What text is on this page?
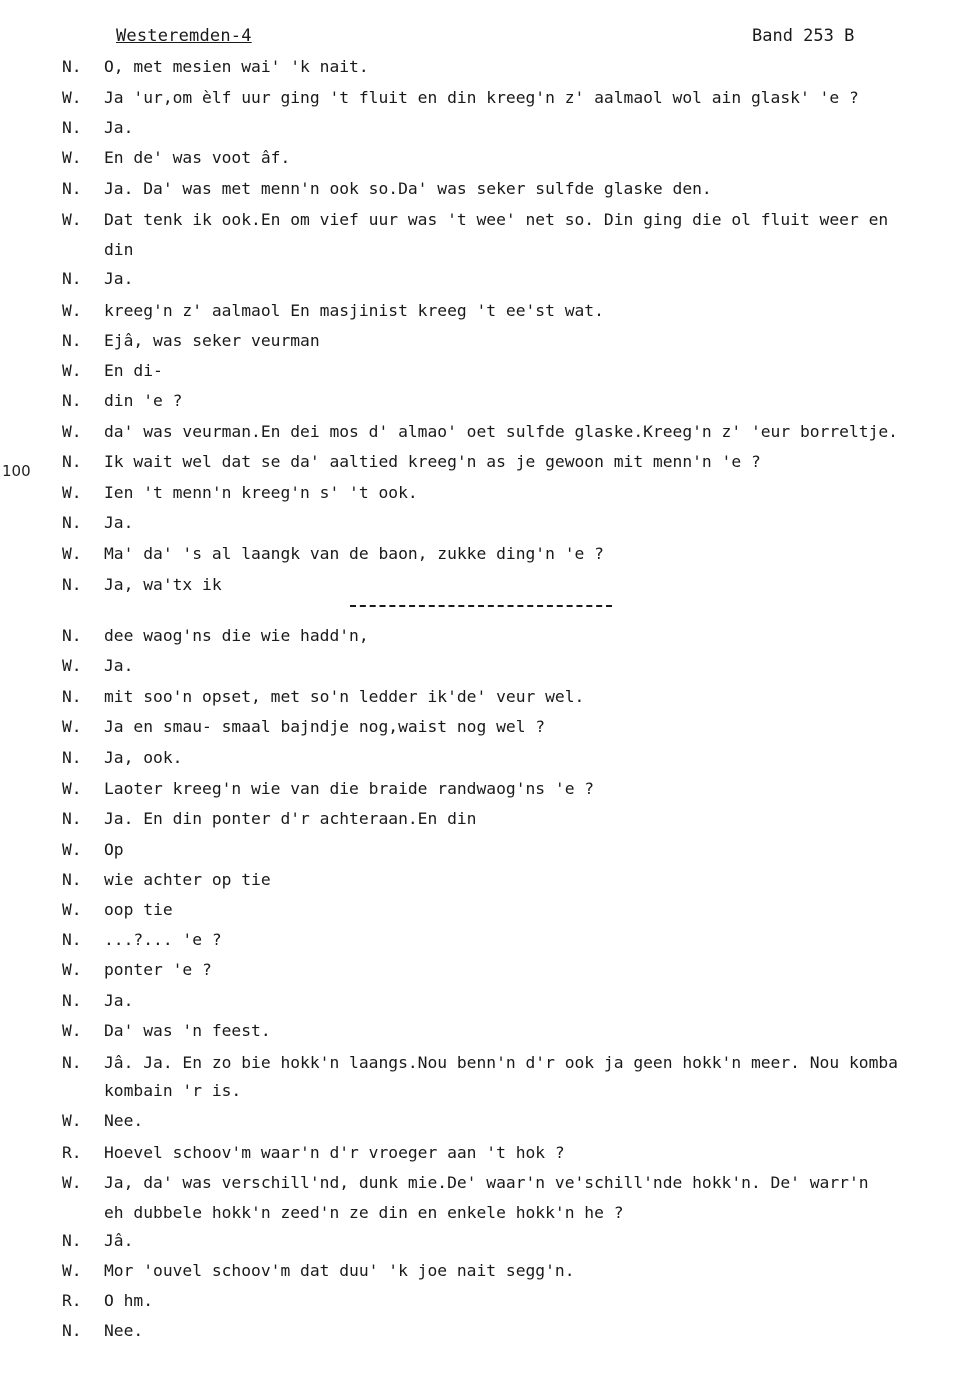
Westeremden-4	Band 253 B
100
N.	O, met mesien wai' 'k nait.
W.	Ja 'ur,om èlf uur ging 't fluit en din kreeg'n z' aalmaol wol ain glask' 'e ?
N.	Ja.
W.	En de' was voot âf.
N.	Ja. Da' was met menn'n ook so.Da' was seker sulfde glaske den.
W.	Dat tenk ik ook.En om vief uur was 't wee' net so. Din ging die ol fluit weer en
din
N.	Ja.
W.	kreeg'n z' aalmaol En masjinist kreeg 't ee'st wat.
N.	Ejâ, was seker veurman
W.	En di-
N.	din 'e ?
W.	da' was veurman.En dei mos d' almao' oet sulfde glaske.Kreeg'n z' 'eur borreltje.
N.	Ik wait wel dat se da' aaltied kreeg'n as je gewoon mit menn'n 'e ?
W.	Ien 't menn'n kreeg'n s' 't ook.
N.	Ja.
W.	Ma' da' 's al laangk van de baon, zukke ding'n 'e ?
N.	Ja, wa'tx ik
N.	dee waog'ns die wie hadd'n,
W.	Ja.
N.	mit soo'n opset, met so'n ledder ik'de' veur wel.
W.	Ja en smau- smaal bajndje nog,waist nog wel ?
N.	Ja, ook.
W.	Laoter kreeg'n wie van die braide randwaog'ns 'e ?
N.	Ja. En din ponter d'r achteraan.En din
W.	Op
N.	wie achter op tie
W.	oop tie
N.	...?... 'e ?
W.	ponter 'e ?
N.	Ja.
W.	Da' was 'n feest.
N.	Jâ. Ja. En zo bie hokk'n laangs.Nou benn'n d'r ook ja geen hokk'n meer. Nou komba
kombain 'r is.
W.	Nee.
R.	Hoevel schoov'm waar'n d'r vroeger aan 't hok ?
W.	Ja, da' was verschill'nd, dunk mie.De' waar'n ve'schill'nde hokk'n. De' warr'n
eh dubbele hokk'n zeed'n ze din en enkele hokk'n he ?
N.	Jâ.
W.	Mor 'ouvel schoov'm dat duu' 'k joe nait segg'n.
R.	O hm.
N.	Nee.
